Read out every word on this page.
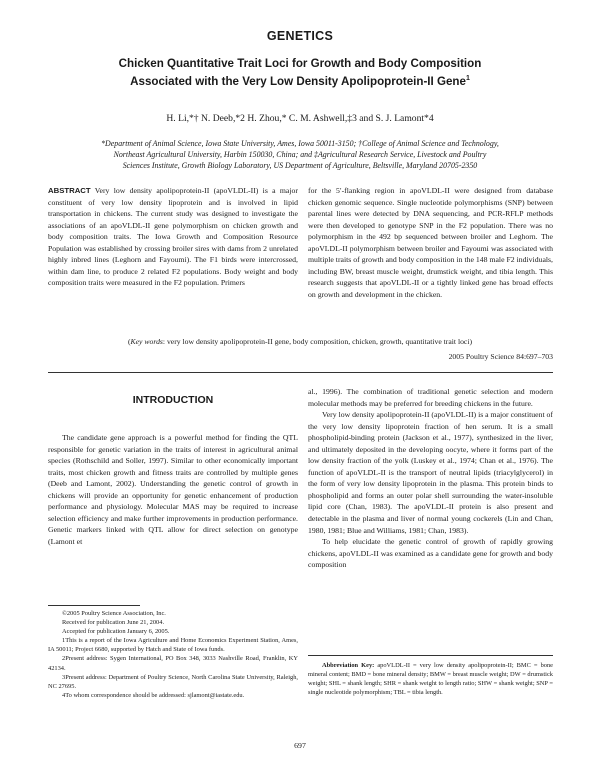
GENETICS
Chicken Quantitative Trait Loci for Growth and Body Composition
Associated with the Very Low Density Apolipoprotein-II Gene$^1$
H. Li,*† N. Deeb,*2 H. Zhou,* C. M. Ashwell,‡3 and S. J. Lamont*4
*Department of Animal Science, Iowa State University, Ames, Iowa 50011-3150; †College of Animal Science and Technology,
Northeast Agricultural University, Harbin 150030, China; and ‡Agricultural Research Service, Livestock and Poultry
Sciences Institute, Growth Biology Laboratory, US Department of Agriculture, Beltsville, Maryland 20705-2350

ABSTRACT Very low density apolipoprotein-II (apoVLDL-II) is a major constituent of very low density lipoprotein and is involved in lipid transportation in chickens. The current study was designed to investigate the associations of an apoVLDL-II gene polymorphism on chicken growth and body composition traits. The Iowa Growth and Composition Resource Population was established by crossing broiler sires with dams from 2 unrelated highly inbred lines (Leghorn and Fayoumi). The F1 birds were intercrossed, within dam line, to produce 2 related F2 populations. Body weight and body composition traits were measured in the F2 population. Primers

for the 5′-flanking region in apoVLDL-II were designed from database chicken genomic sequence. Single nucleotide polymorphisms (SNP) between parental lines were detected by DNA sequencing, and PCR-RFLP methods were then developed to genotype SNP in the F2 population. There was no polymorphism in the 492 bp sequenced between broiler and Leghorn. The apoVLDL-II polymorphism between broiler and Fayoumi was associated with multiple traits of growth and body composition in the 148 male F2 individuals, including BW, breast muscle weight, drumstick weight, and tibia length. This research suggests that apoVLDL-II or a tightly linked gene has broad effects on growth and development in the chicken.

(Key words: very low density apolipoprotein-II gene, body composition, chicken, growth, quantitative trait loci)
2005 Poultry Science 84:697–703
INTRODUCTION

The candidate gene approach is a powerful method for finding the QTL responsible for genetic variation in the traits of interest in agricultural animal species (Rothschild and Soller, 1997). Similar to other economically important traits, most chicken growth and fitness traits are controlled by multiple genes (Deeb and Lamont, 2002). Understanding the genetic control of growth in chickens will provide an opportunity for genetic enhancement of production performance and physiology. Molecular MAS may be required to increase selection efficiency and make further improvements in production performance. Genetic markers linked with QTL allow for direct selection on genotype (Lamont et

al., 1996). The combination of traditional genetic selection and modern molecular methods may be preferred for breeding chickens in the future.

Very low density apolipoprotein-II (apoVLDL-II) is a major constituent of the very low density lipoprotein fraction of hen serum. It is a small phospholipid-binding protein (Jackson et al., 1977), synthesized in the liver, and ultimately deposited in the developing oocyte, where it forms part of the low density fraction of the yolk (Luskey et al., 1974; Chan et al., 1976). The function of apoVLDL-II is the transport of neutral lipids (triacylglycerol) in the form of very low density lipoprotein in the plasma. This protein binds to phospholipid and forms an outer polar shell surrounding the water-insoluble lipid core (Chan, 1983). The apoVLDL-II protein is also present and detectable in the plasma and liver of normal young cockerels (Lin and Chan, 1980, 1981; Blue and Williams, 1981; Chan, 1983).

To help elucidate the genetic control of growth of rapidly growing chickens, apoVLDL-II was examined as a candidate gene for growth and body composition

©2005 Poultry Science Association, Inc.

Received for publication June 21, 2004.

Accepted for publication January 6, 2005.

1This is a report of the Iowa Agriculture and Home Economics Experiment Station, Ames, IA 50011; Project 6680, supported by Hatch and State of Iowa funds.

2Present address: Sygen International, PO Box 348, 3033 Nashville Road, Franklin, KY 42134.

3Present address: Department of Poultry Science, North Carolina State University, Raleigh, NC 27695.

4To whom correspondence should be addressed: sjlamont@iastate.edu.

Abbreviation Key: apoVLDL-II = very low density apolipoprotein-II; BMC = bone mineral content; BMD = bone mineral density; BMW = breast muscle weight; DW = drumstick weight; SHL = shank length; SHR = shank weight to length ratio; SHW = shank weight; SNP = single nucleotide polymorphism; TBL = tibia length.
697
